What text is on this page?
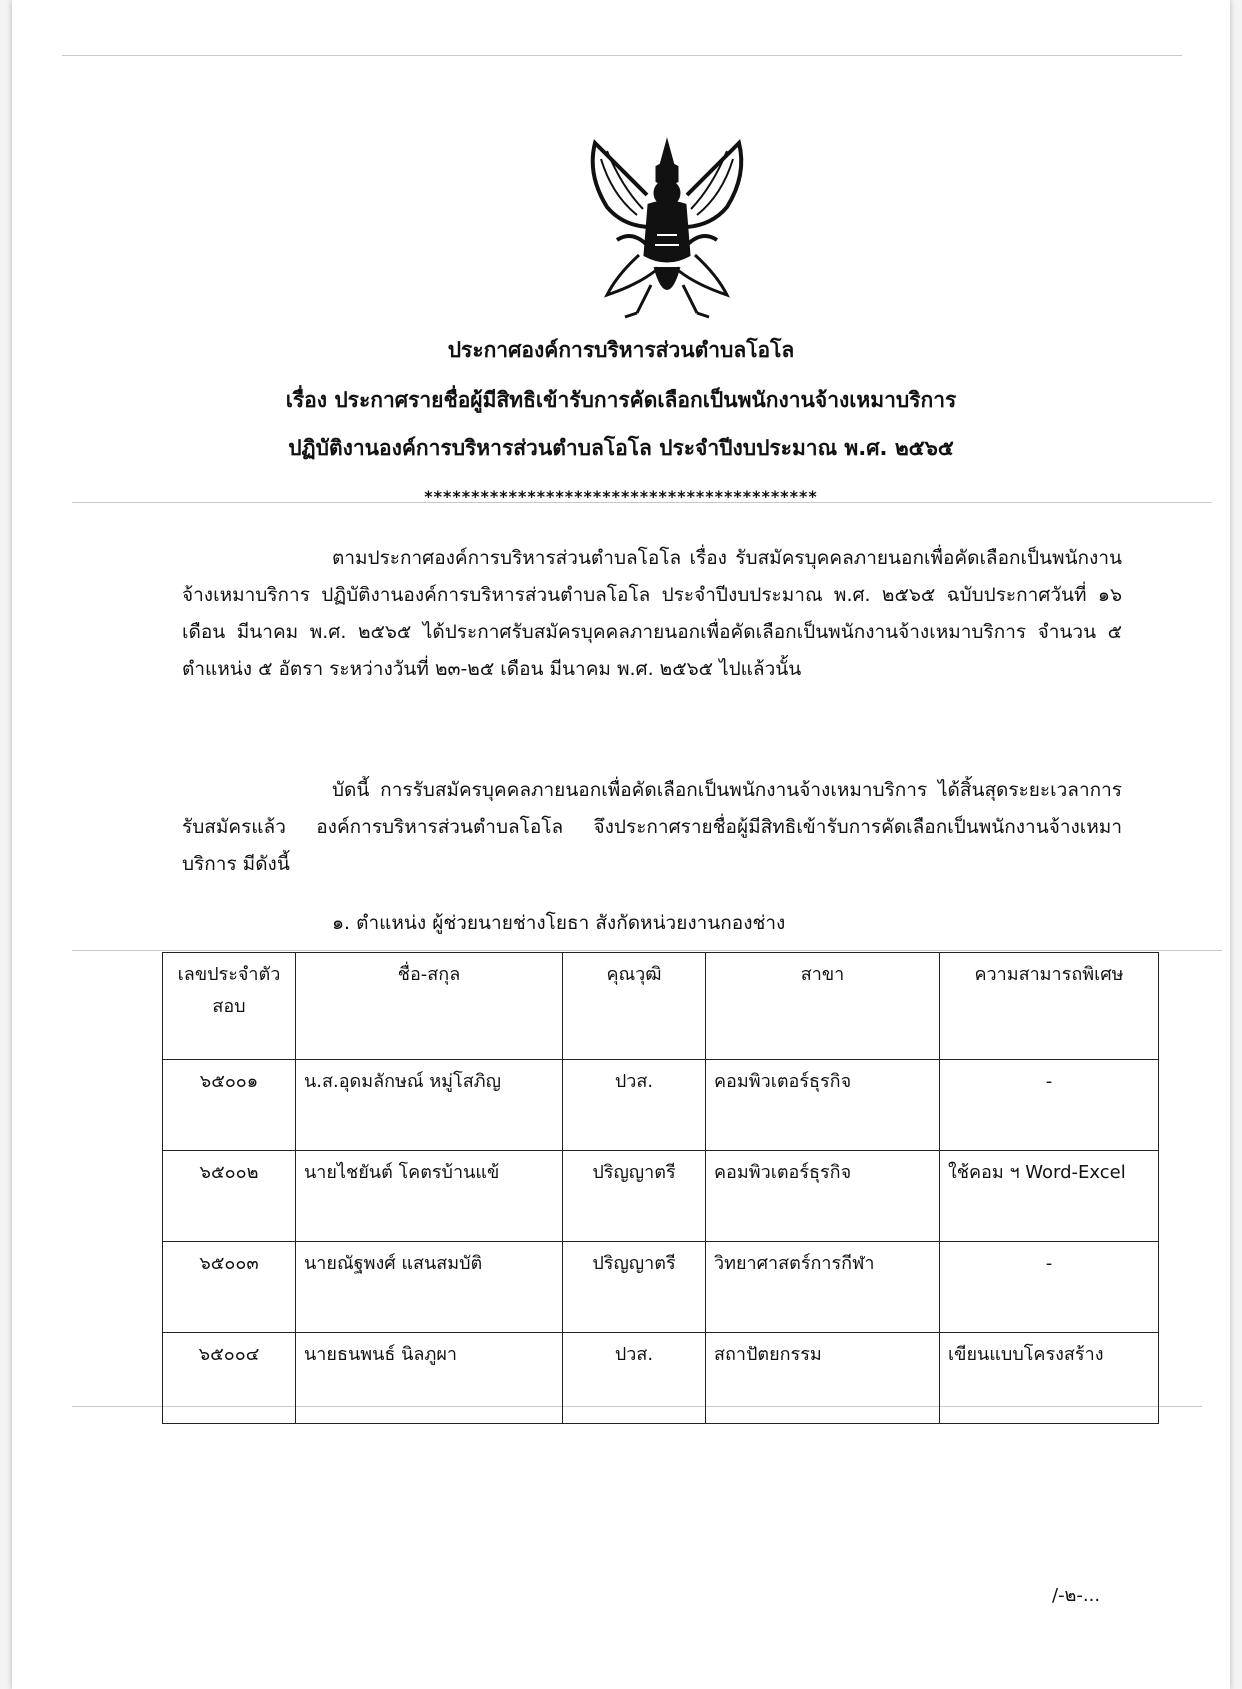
ประกาศองค์การบริหารส่วนตำบลโอโล
เรื่อง ประกาศรายชื่อผู้มีสิทธิเข้ารับการคัดเลือกเป็นพนักงานจ้างเหมาบริการ
ปฏิบัติงานองค์การบริหารส่วนตำบลโอโล ประจำปีงบประมาณ พ.ศ. ๒๕๖๕
******************************************
ตามประกาศองค์การบริหารส่วนตำบลโอโล เรื่อง รับสมัครบุคคลภายนอกเพื่อคัดเลือกเป็นพนักงานจ้างเหมาบริการ ปฏิบัติงานองค์การบริหารส่วนตำบลโอโล ประจำปีงบประมาณ พ.ศ. ๒๕๖๕ ฉบับประกาศวันที่ ๑๖ เดือน มีนาคม พ.ศ. ๒๕๖๕ ได้ประกาศรับสมัครบุคคลภายนอกเพื่อคัดเลือกเป็นพนักงานจ้างเหมาบริการ จำนวน ๕ ตำแหน่ง ๕ อัตรา ระหว่างวันที่ ๒๓-๒๕ เดือน มีนาคม พ.ศ. ๒๕๖๕ ไปแล้วนั้น
บัดนี้ การรับสมัครบุคคลภายนอกเพื่อคัดเลือกเป็นพนักงานจ้างเหมาบริการ ได้สิ้นสุดระยะเวลาการรับสมัครแล้ว องค์การบริหารส่วนตำบลโอโล จึงประกาศรายชื่อผู้มีสิทธิเข้ารับการคัดเลือกเป็นพนักงานจ้างเหมาบริการ มีดังนี้
๑. ตำแหน่ง ผู้ช่วยนายช่างโยธา สังกัดหน่วยงานกองช่าง
เลขประจำตัวสอบ	ชื่อ-สกุล	คุณวุฒิ	สาขา	ความสามารถพิเศษ
๖๕๐๐๑	น.ส.อุดมลักษณ์ หมู่โสภิญ	ปวส.	คอมพิวเตอร์ธุรกิจ	-
๖๕๐๐๒	นายไชยันต์ โคตรบ้านแข้	ปริญญาตรี	คอมพิวเตอร์ธุรกิจ	ใช้คอม ฯ Word-Excel
๖๕๐๐๓	นายณัฐพงศ์ แสนสมบัติ	ปริญญาตรี	วิทยาศาสตร์การกีฬา	-
๖๕๐๐๔	นายธนพนธ์ นิลภูผา	ปวส.	สถาปัตยกรรม	เขียนแบบโครงสร้าง
/-๒-...
